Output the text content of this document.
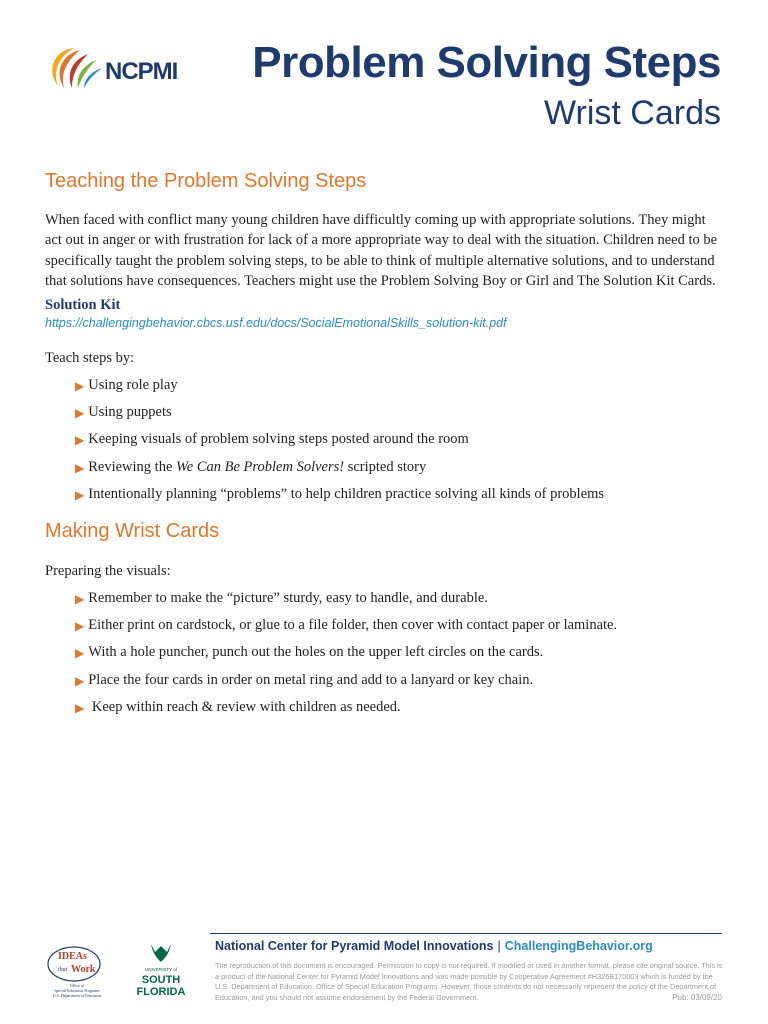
NCPMI Problem Solving Steps
Wrist Cards
Teaching the Problem Solving Steps
When faced with conflict many young children have difficultly coming up with appropriate solutions. They might act out in anger or with frustration for lack of a more appropriate way to deal with the situation. Children need to be specifically taught the problem solving steps, to be able to think of multiple alternative solutions, and to understand that solutions have consequences. Teachers might use the Problem Solving Boy or Girl and The Solution Kit Cards.
Solution Kit
https://challengingbehavior.cbcs.usf.edu/docs/SocialEmotionalSkills_solution-kit.pdf
Teach steps by:
▶ Using role play
▶ Using puppets
▶ Keeping visuals of problem solving steps posted around the room
▶ Reviewing the We Can Be Problem Solvers! scripted story
▶ Intentionally planning “problems” to help children practice solving all kinds of problems
Making Wrist Cards
Preparing the visuals:
▶ Remember to make the “picture” sturdy, easy to handle, and durable.
▶ Either print on cardstock, or glue to a file folder, then cover with contact paper or laminate.
▶ With a hole puncher, punch out the holes on the upper left circles on the cards.
▶ Place the four cards in order on metal ring and add to a lanyard or key chain.
▶ Keep within reach & review with children as needed.
IDEAs
that Work
Office of
Special Education Programs
U.S. Department of Education
UNIVERSITY of
SOUTH
FLORIDA
National Center for Pyramid Model Innovations | ChallengingBehavior.org
The reproduction of this document is encouraged. Permission to copy is not required. If modified or used in another format, please cite original source. This is a product of the National Center for Pyramid Model Innovations and was made possible by Cooperative Agreement #H326B170003 which is funded by the U.S. Department of Education, Office of Special Education Programs. However, those contents do not necessarily represent the policy of the Department of Education, and you should not assume endorsement by the Federal Government.	Pub: 03/09/20
